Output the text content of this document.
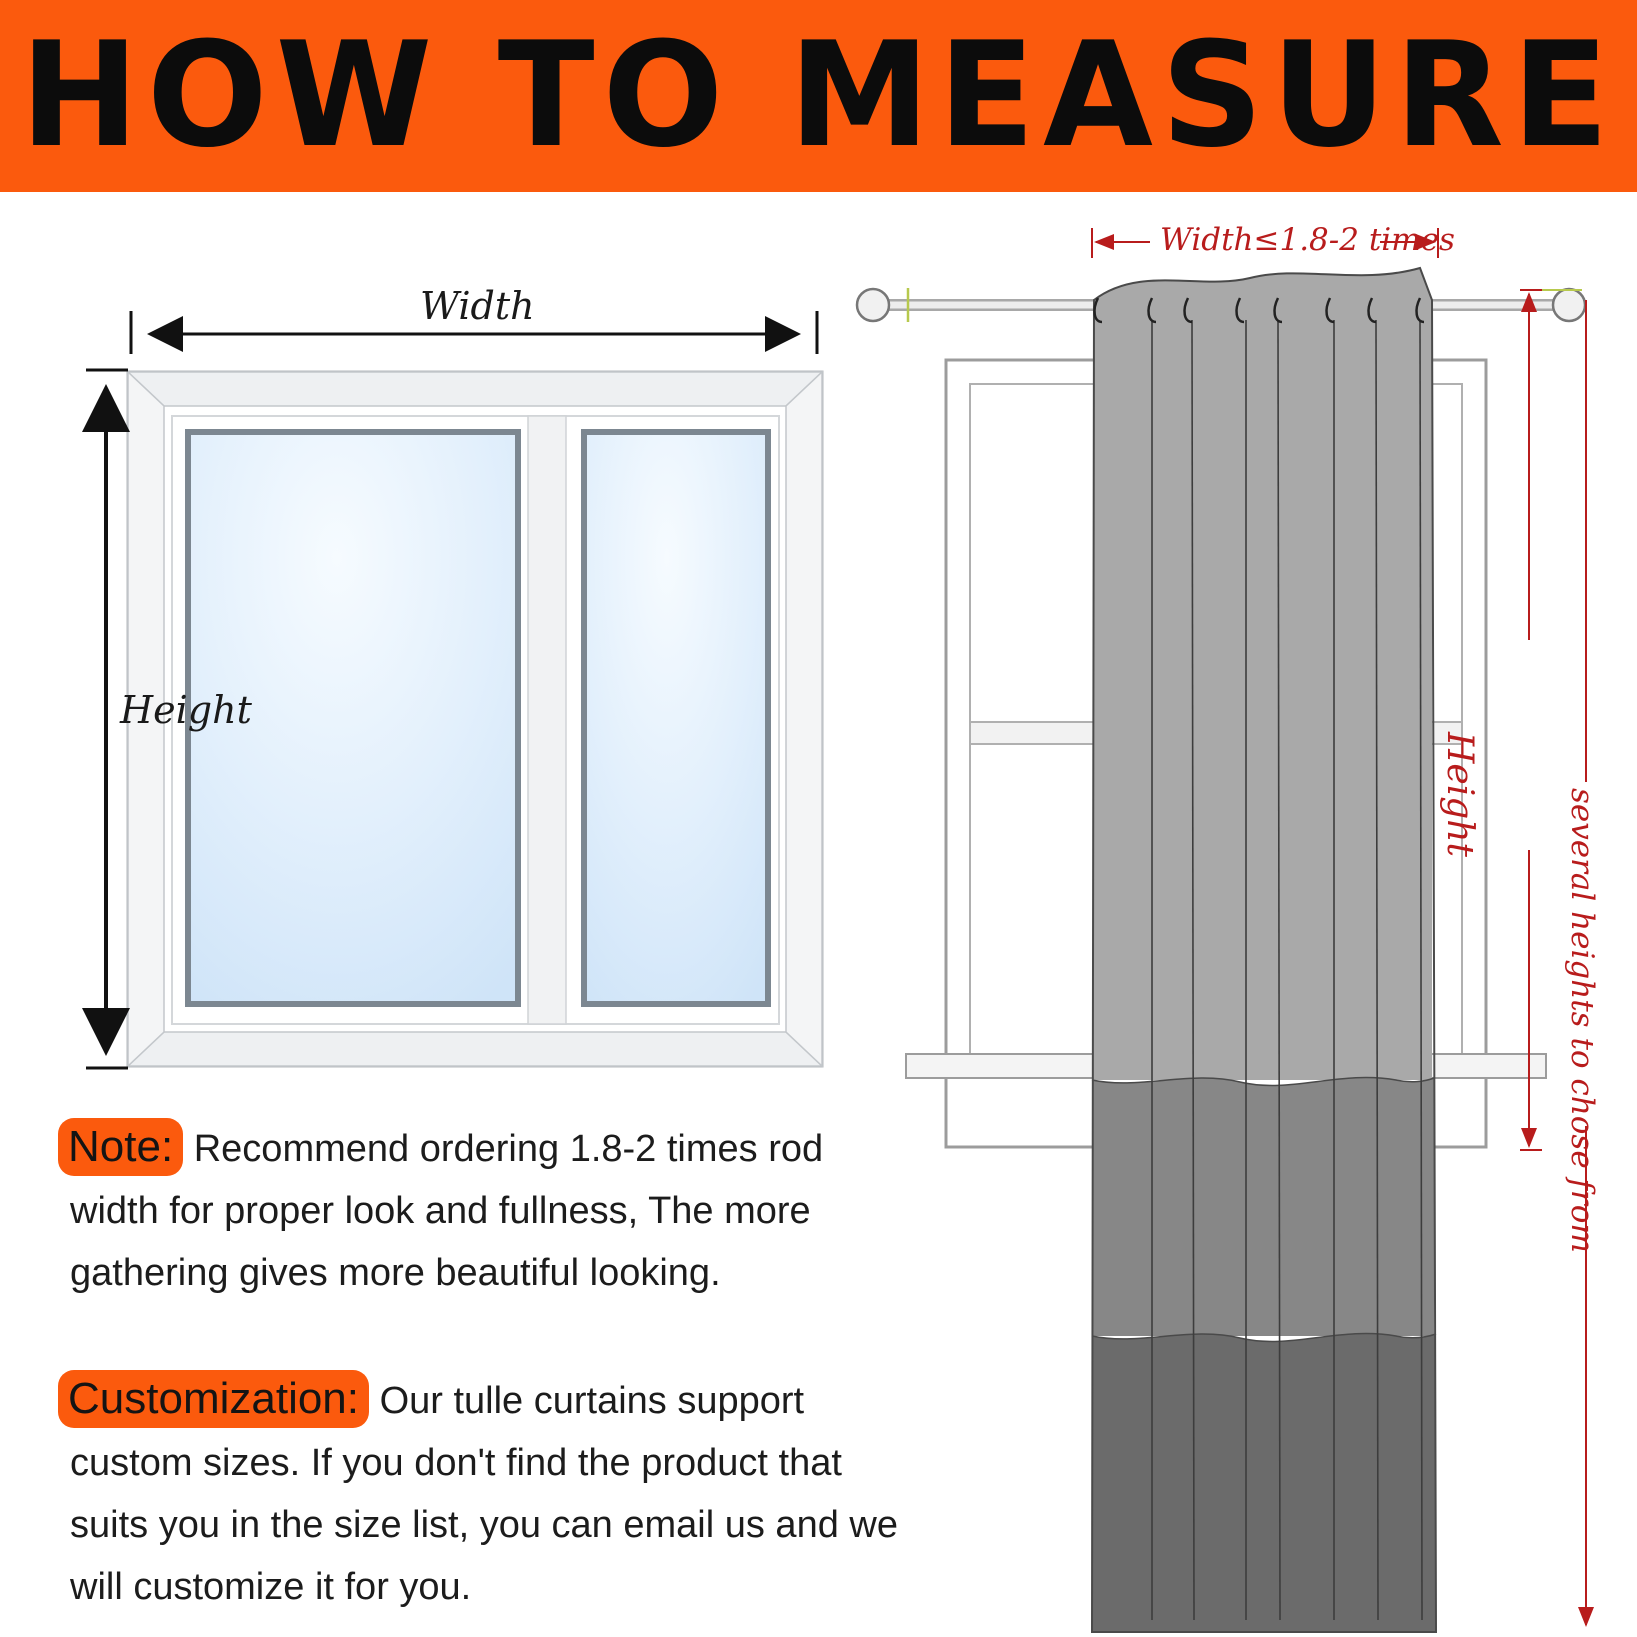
HOW TO MEASURE
Width
Height
Width≤1.8-2 times
Height	several heights to chose from
Note: Recommend ordering 1.8-2 times rod width for proper look and fullness, The more gathering gives more beautiful looking.
Customization: Our tulle curtains support custom sizes. If you don't find the product that suits you in the size list, you can email us and we will customize it for you.
